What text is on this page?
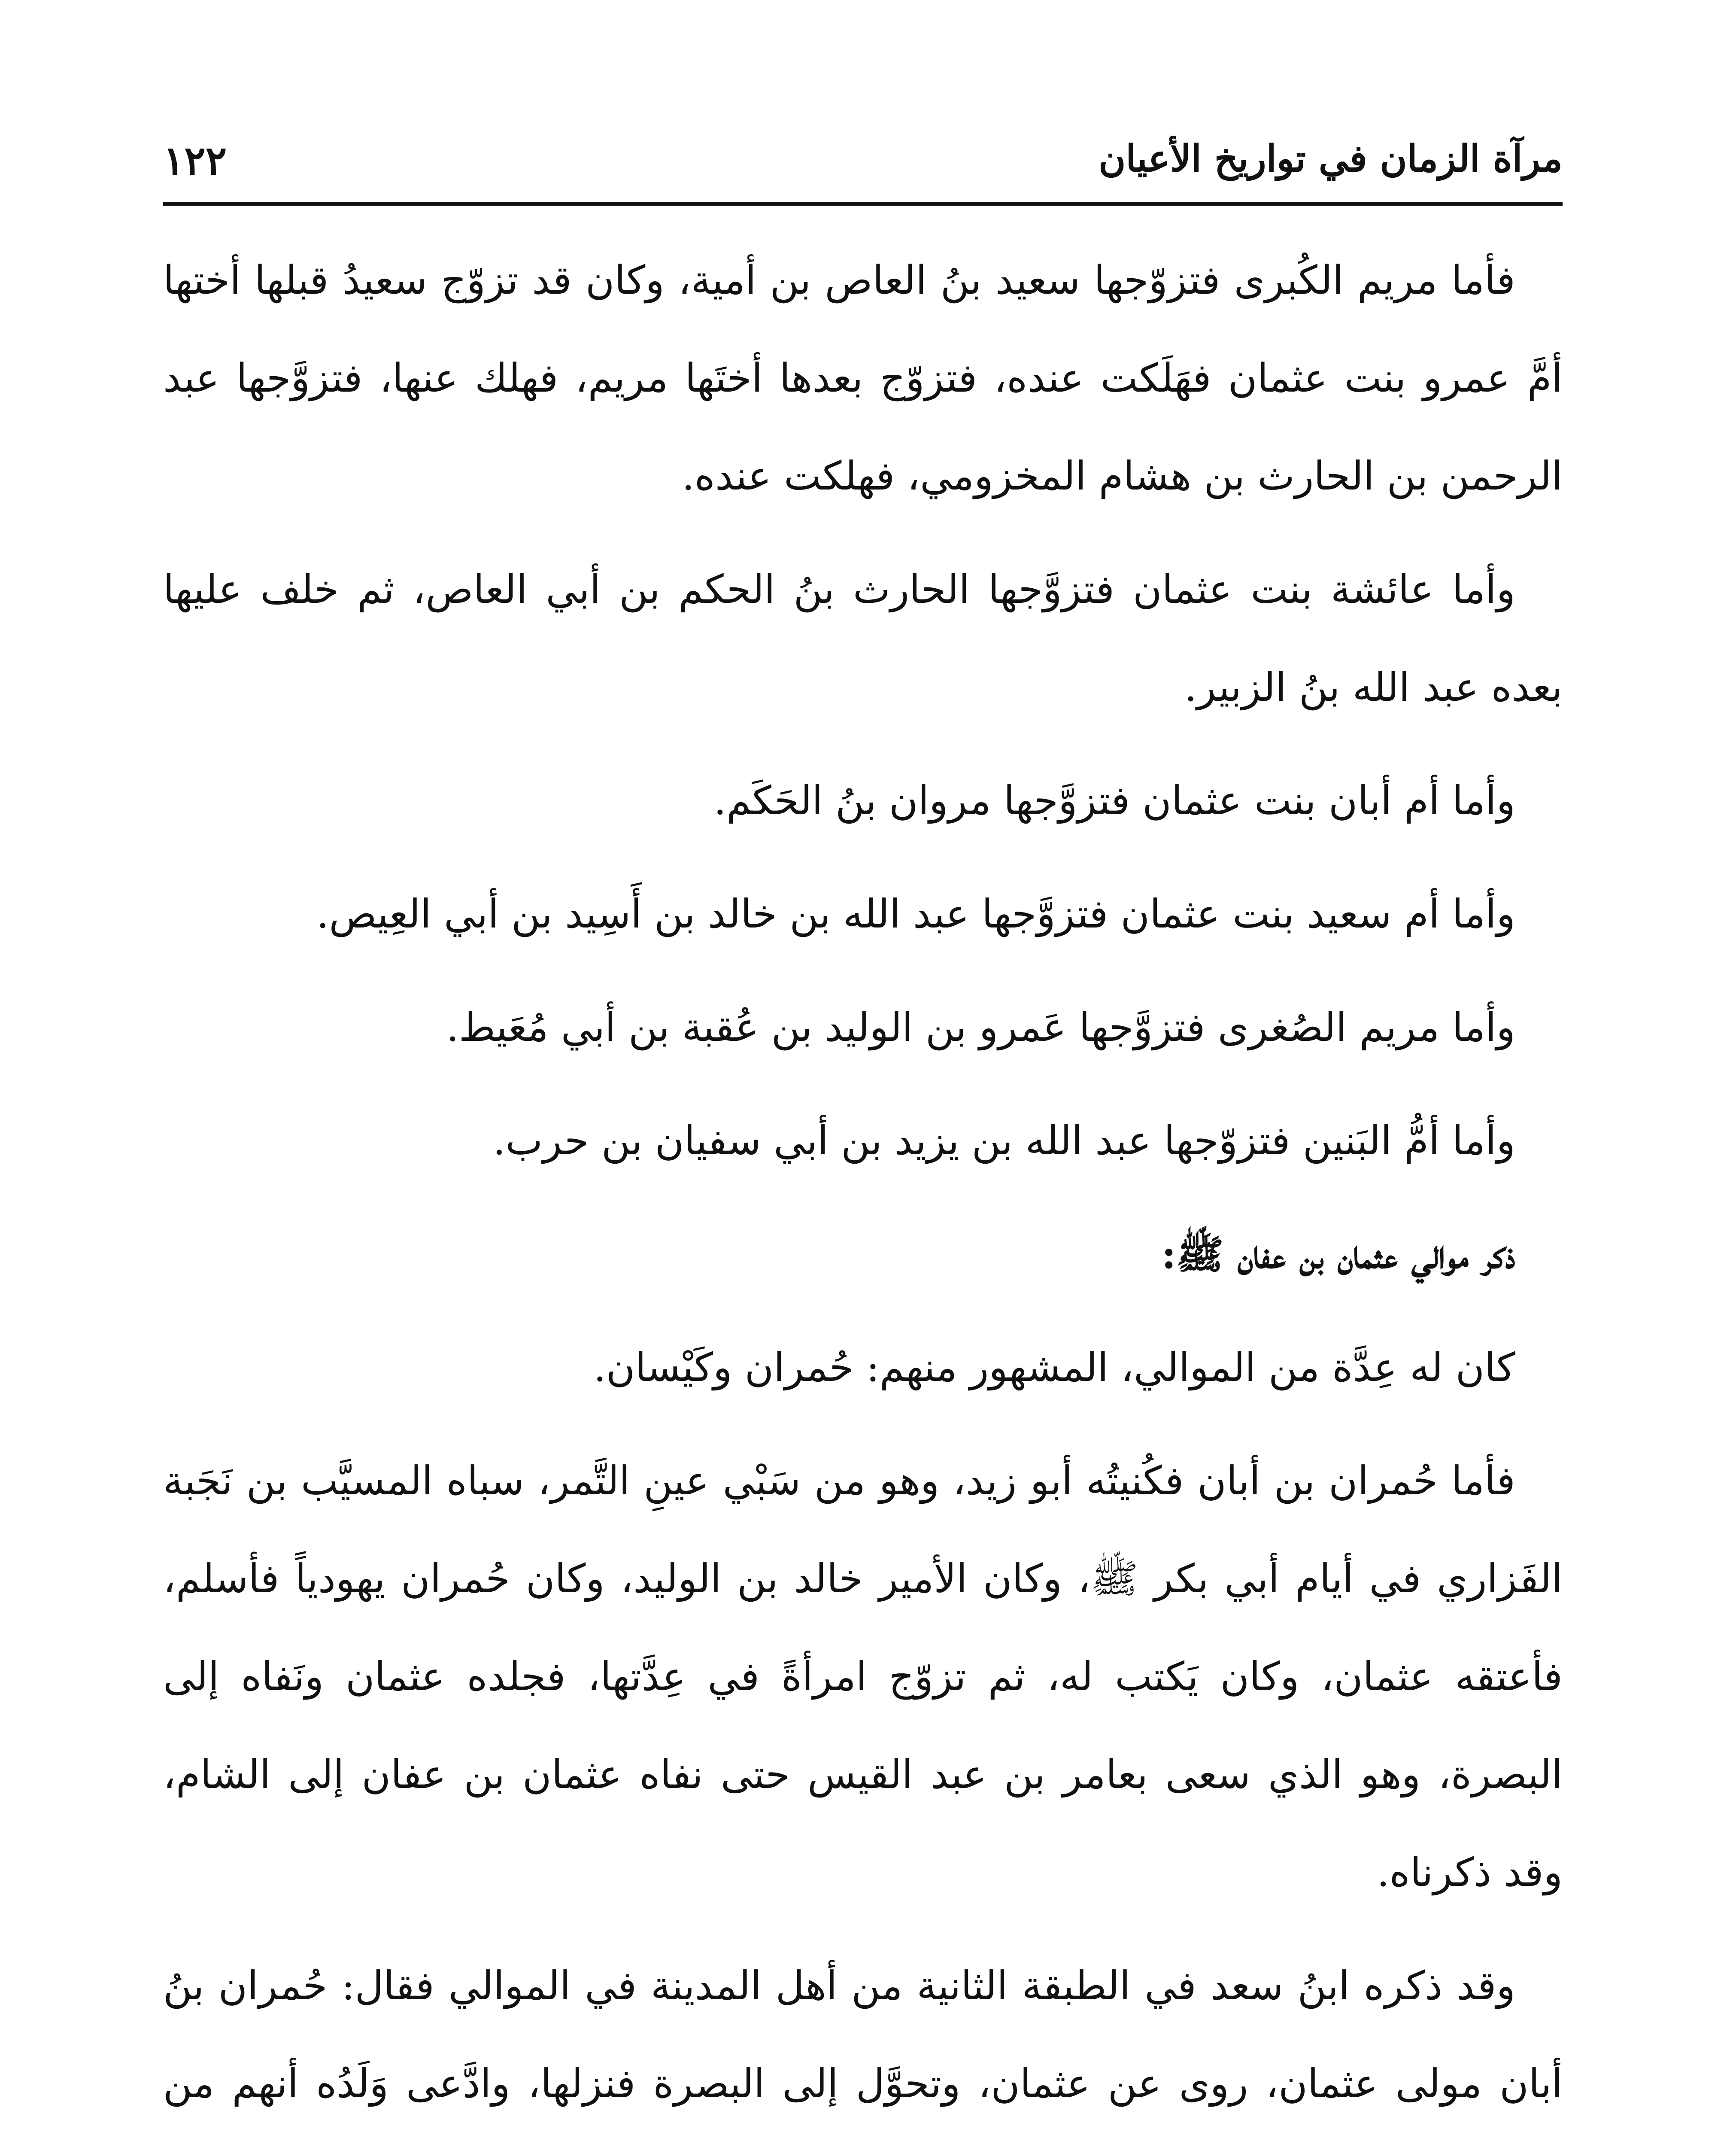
مرآة الزمان في تواريخ الأعيان
١٢٢

فأما مريم الكُبرى فتزوّجها سعيد بنُ العاص بن أمية، وكان قد تزوّج سعيدُ قبلها أختها أمَّ عمرو بنت عثمان فهَلَكت عنده، فتزوّج بعدها أختَها مريم، فهلك عنها، فتزوَّجها عبد الرحمن بن الحارث بن هشام المخزومي، فهلكت عنده.

وأما عائشة بنت عثمان فتزوَّجها الحارث بنُ الحكم بن أبي العاص، ثم خلف عليها بعده عبد الله بنُ الزبير.

وأما أم أبان بنت عثمان فتزوَّجها مروان بنُ الحَكَم.

وأما أم سعيد بنت عثمان فتزوَّجها عبد الله بن خالد بن أَسِيد بن أبي العِيص.

وأما مريم الصُغرى فتزوَّجها عَمرو بن الوليد بن عُقبة بن أبي مُعَيط.

وأما أمُّ البَنين فتزوّجها عبد الله بن يزيد بن أبي سفيان بن حرب.

ذكر موالي عثمان بن عفان ﷺ:

كان له عِدَّة من الموالي، المشهور منهم: حُمران وكَيْسان.

فأما حُمران بن أبان فكُنيتُه أبو زيد، وهو من سَبْي عينِ التَّمر، سباه المسيَّب بن نَجَبة الفَزاري في أيام أبي بكر ﷺ، وكان الأمير خالد بن الوليد، وكان حُمران يهودياً فأسلم، فأعتقه عثمان، وكان يَكتب له، ثم تزوّج امرأةً في عِدَّتها، فجلده عثمان ونَفاه إلى البصرة، وهو الذي سعى بعامر بن عبد القيس حتى نفاه عثمان بن عفان إلى الشام، وقد ذكرناه.

وقد ذكره ابنُ سعد في الطبقة الثانية من أهل المدينة في الموالي فقال: حُمران بنُ أبان مولى عثمان، روى عن عثمان، وتحوَّل إلى البصرة فنزلها، وادَّعى وَلَدُه أنهم من
